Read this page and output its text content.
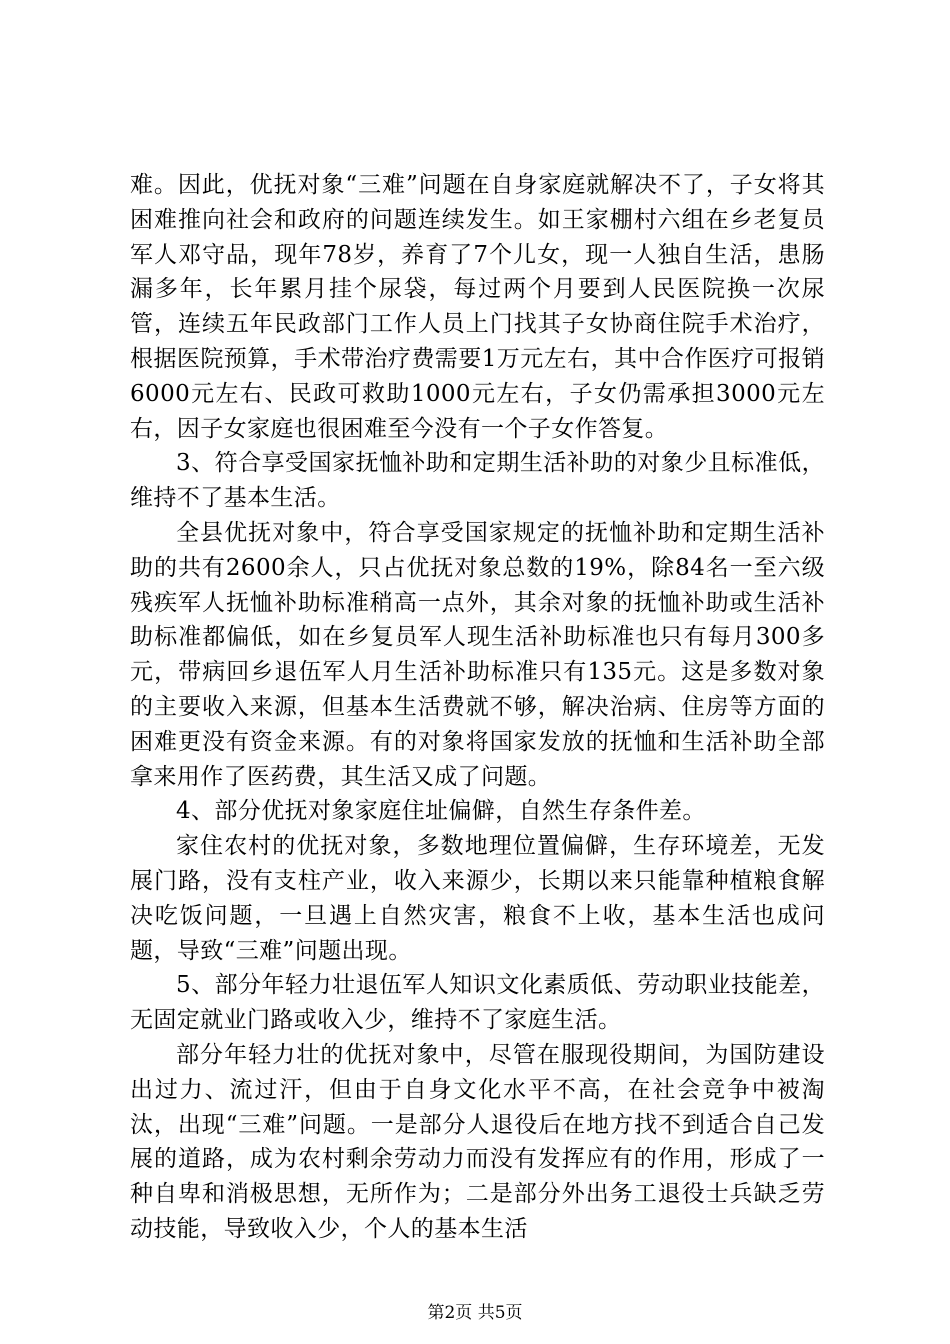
难。因此，优抚对象“三难”问题在自身家庭就解决不了，子女将其困难推向社会和政府的问题连续发生。如王家棚村六组在乡老复员军人邓守品，现年78岁，养育了7个儿女，现一人独自生活，患肠漏多年，长年累月挂个尿袋，每过两个月要到人民医院换一次尿管，连续五年民政部门工作人员上门找其子女协商住院手术治疗，根据医院预算，手术带治疗费需要1万元左右，其中合作医疗可报销6000元左右、民政可救助1000元左右，子女仍需承担3000元左右，因子女家庭也很困难至今没有一个子女作答复。

3、符合享受国家抚恤补助和定期生活补助的对象少且标准低，维持不了基本生活。

全县优抚对象中，符合享受国家规定的抚恤补助和定期生活补助的共有2600余人，只占优抚对象总数的19%，除84名一至六级残疾军人抚恤补助标准稍高一点外，其余对象的抚恤补助或生活补助标准都偏低，如在乡复员军人现生活补助标准也只有每月300多元，带病回乡退伍军人月生活补助标准只有135元。这是多数对象的主要收入来源，但基本生活费就不够，解决治病、住房等方面的困难更没有资金来源。有的对象将国家发放的抚恤和生活补助全部拿来用作了医药费，其生活又成了问题。

4、部分优抚对象家庭住址偏僻，自然生存条件差。

家住农村的优抚对象，多数地理位置偏僻，生存环境差，无发展门路，没有支柱产业，收入来源少，长期以来只能靠种植粮食解决吃饭问题，一旦遇上自然灾害，粮食不上收，基本生活也成问题，导致“三难”问题出现。

5、部分年轻力壮退伍军人知识文化素质低、劳动职业技能差，无固定就业门路或收入少，维持不了家庭生活。

部分年轻力壮的优抚对象中，尽管在服现役期间，为国防建设出过力、流过汗，但由于自身文化水平不高，在社会竞争中被淘汰，出现“三难”问题。一是部分人退役后在地方找不到适合自己发展的道路，成为农村剩余劳动力而没有发挥应有的作用，形成了一种自卑和消极思想，无所作为；二是部分外出务工退役士兵缺乏劳动技能，导致收入少，个人的基本生活

第2页 共5页
